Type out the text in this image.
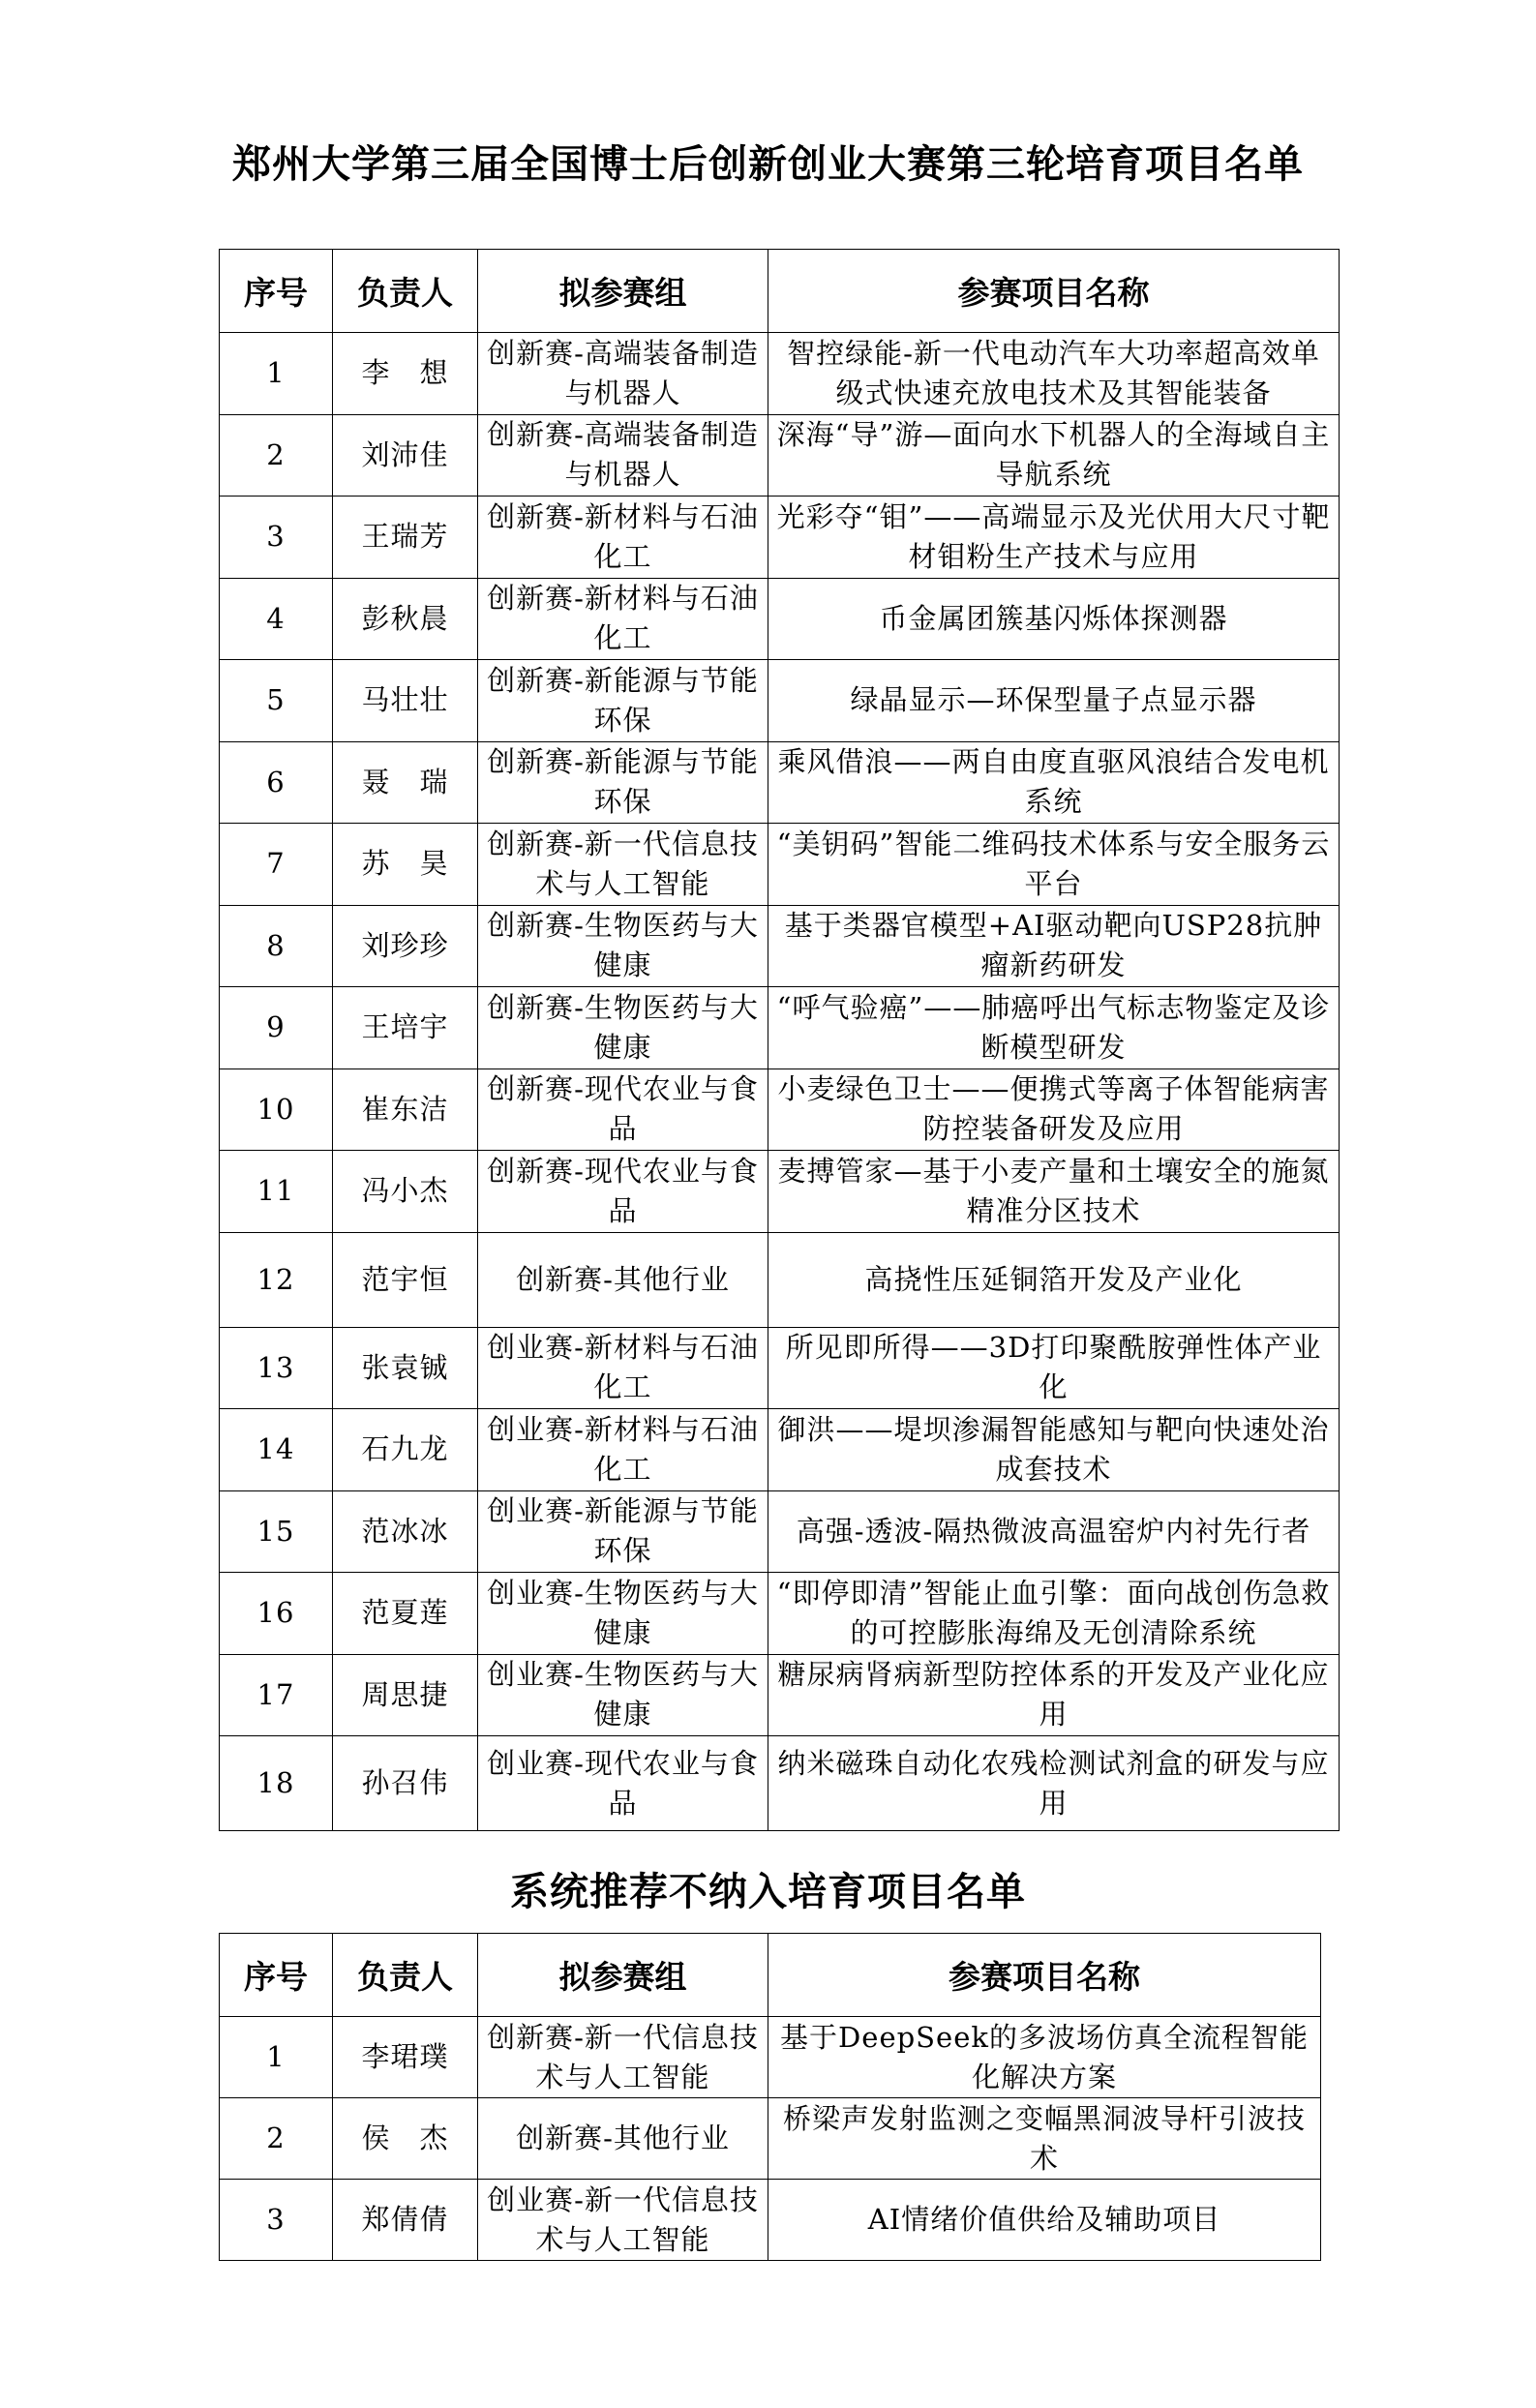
郑州大学第三届全国博士后创新创业大赛第三轮培育项目名单
序号	负责人	拟参赛组	参赛项目名称
1	李　想	创新赛-高端装备制造与机器人	智控绿能-新一代电动汽车大功率超高效单级式快速充放电技术及其智能装备
2	刘沛佳	创新赛-高端装备制造与机器人	深海“导”游—面向水下机器人的全海域自主导航系统
3	王瑞芳	创新赛-新材料与石油化工	光彩夺“钼”——高端显示及光伏用大尺寸靶材钼粉生产技术与应用
4	彭秋晨	创新赛-新材料与石油化工	币金属团簇基闪烁体探测器
5	马壮壮	创新赛-新能源与节能环保	绿晶显示—环保型量子点显示器
6	聂　瑞	创新赛-新能源与节能环保	乘风借浪——两自由度直驱风浪结合发电机系统
7	苏　昊	创新赛-新一代信息技术与人工智能	“美钥码”智能二维码技术体系与安全服务云平台
8	刘珍珍	创新赛-生物医药与大健康	基于类器官模型+AI驱动靶向USP28抗肿瘤新药研发
9	王培宇	创新赛-生物医药与大健康	“呼气验癌”——肺癌呼出气标志物鉴定及诊断模型研发
10	崔东洁	创新赛-现代农业与食品	小麦绿色卫士——便携式等离子体智能病害防控装备研发及应用
11	冯小杰	创新赛-现代农业与食品	麦搏管家—基于小麦产量和土壤安全的施氮精准分区技术
12	范宇恒	创新赛-其他行业	高挠性压延铜箔开发及产业化
13	张袁铖	创业赛-新材料与石油化工	所见即所得——3D打印聚酰胺弹性体产业化
14	石九龙	创业赛-新材料与石油化工	御洪——堤坝渗漏智能感知与靶向快速处治成套技术
15	范冰冰	创业赛-新能源与节能环保	高强-透波-隔热微波高温窑炉内衬先行者
16	范夏莲	创业赛-生物医药与大健康	“即停即清”智能止血引擎：面向战创伤急救的可控膨胀海绵及无创清除系统
17	周思捷	创业赛-生物医药与大健康	糖尿病肾病新型防控体系的开发及产业化应用
18	孙召伟	创业赛-现代农业与食品	纳米磁珠自动化农残检测试剂盒的研发与应用
系统推荐不纳入培育项目名单
序号	负责人	拟参赛组	参赛项目名称
1	李珺璞	创新赛-新一代信息技术与人工智能	基于DeepSeek的多波场仿真全流程智能化解决方案
2	侯　杰	创新赛-其他行业	桥梁声发射监测之变幅黑洞波导杆引波技术
3	郑倩倩	创业赛-新一代信息技术与人工智能	AI情绪价值供给及辅助项目
